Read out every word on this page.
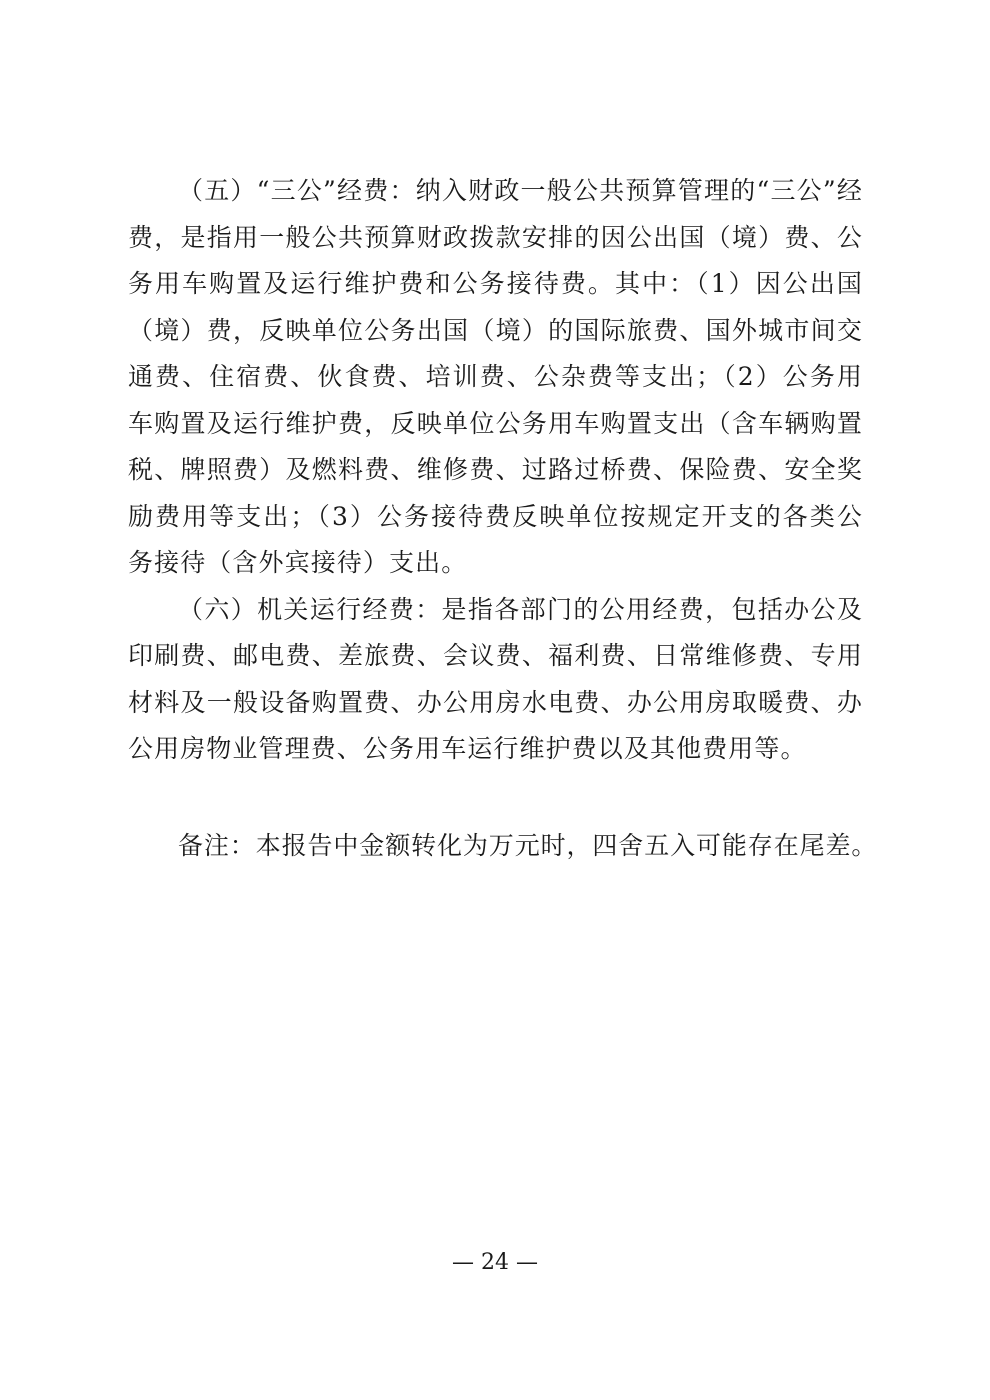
（五）“三公”经费：纳入财政一般公共预算管理的“三公”经费，是指用一般公共预算财政拨款安排的因公出国（境）费、公务用车购置及运行维护费和公务接待费。其中：（1）因公出国（境）费，反映单位公务出国（境）的国际旅费、国外城市间交通费、住宿费、伙食费、培训费、公杂费等支出；（2）公务用车购置及运行维护费，反映单位公务用车购置支出（含车辆购置税、牌照费）及燃料费、维修费、过路过桥费、保险费、安全奖励费用等支出；（3）公务接待费反映单位按规定开支的各类公务接待（含外宾接待）支出。

（六）机关运行经费：是指各部门的公用经费，包括办公及印刷费、邮电费、差旅费、会议费、福利费、日常维修费、专用材料及一般设备购置费、办公用房水电费、办公用房取暖费、办公用房物业管理费、公务用车运行维护费以及其他费用等。

备注：本报告中金额转化为万元时，四舍五入可能存在尾差。

— 24 —
